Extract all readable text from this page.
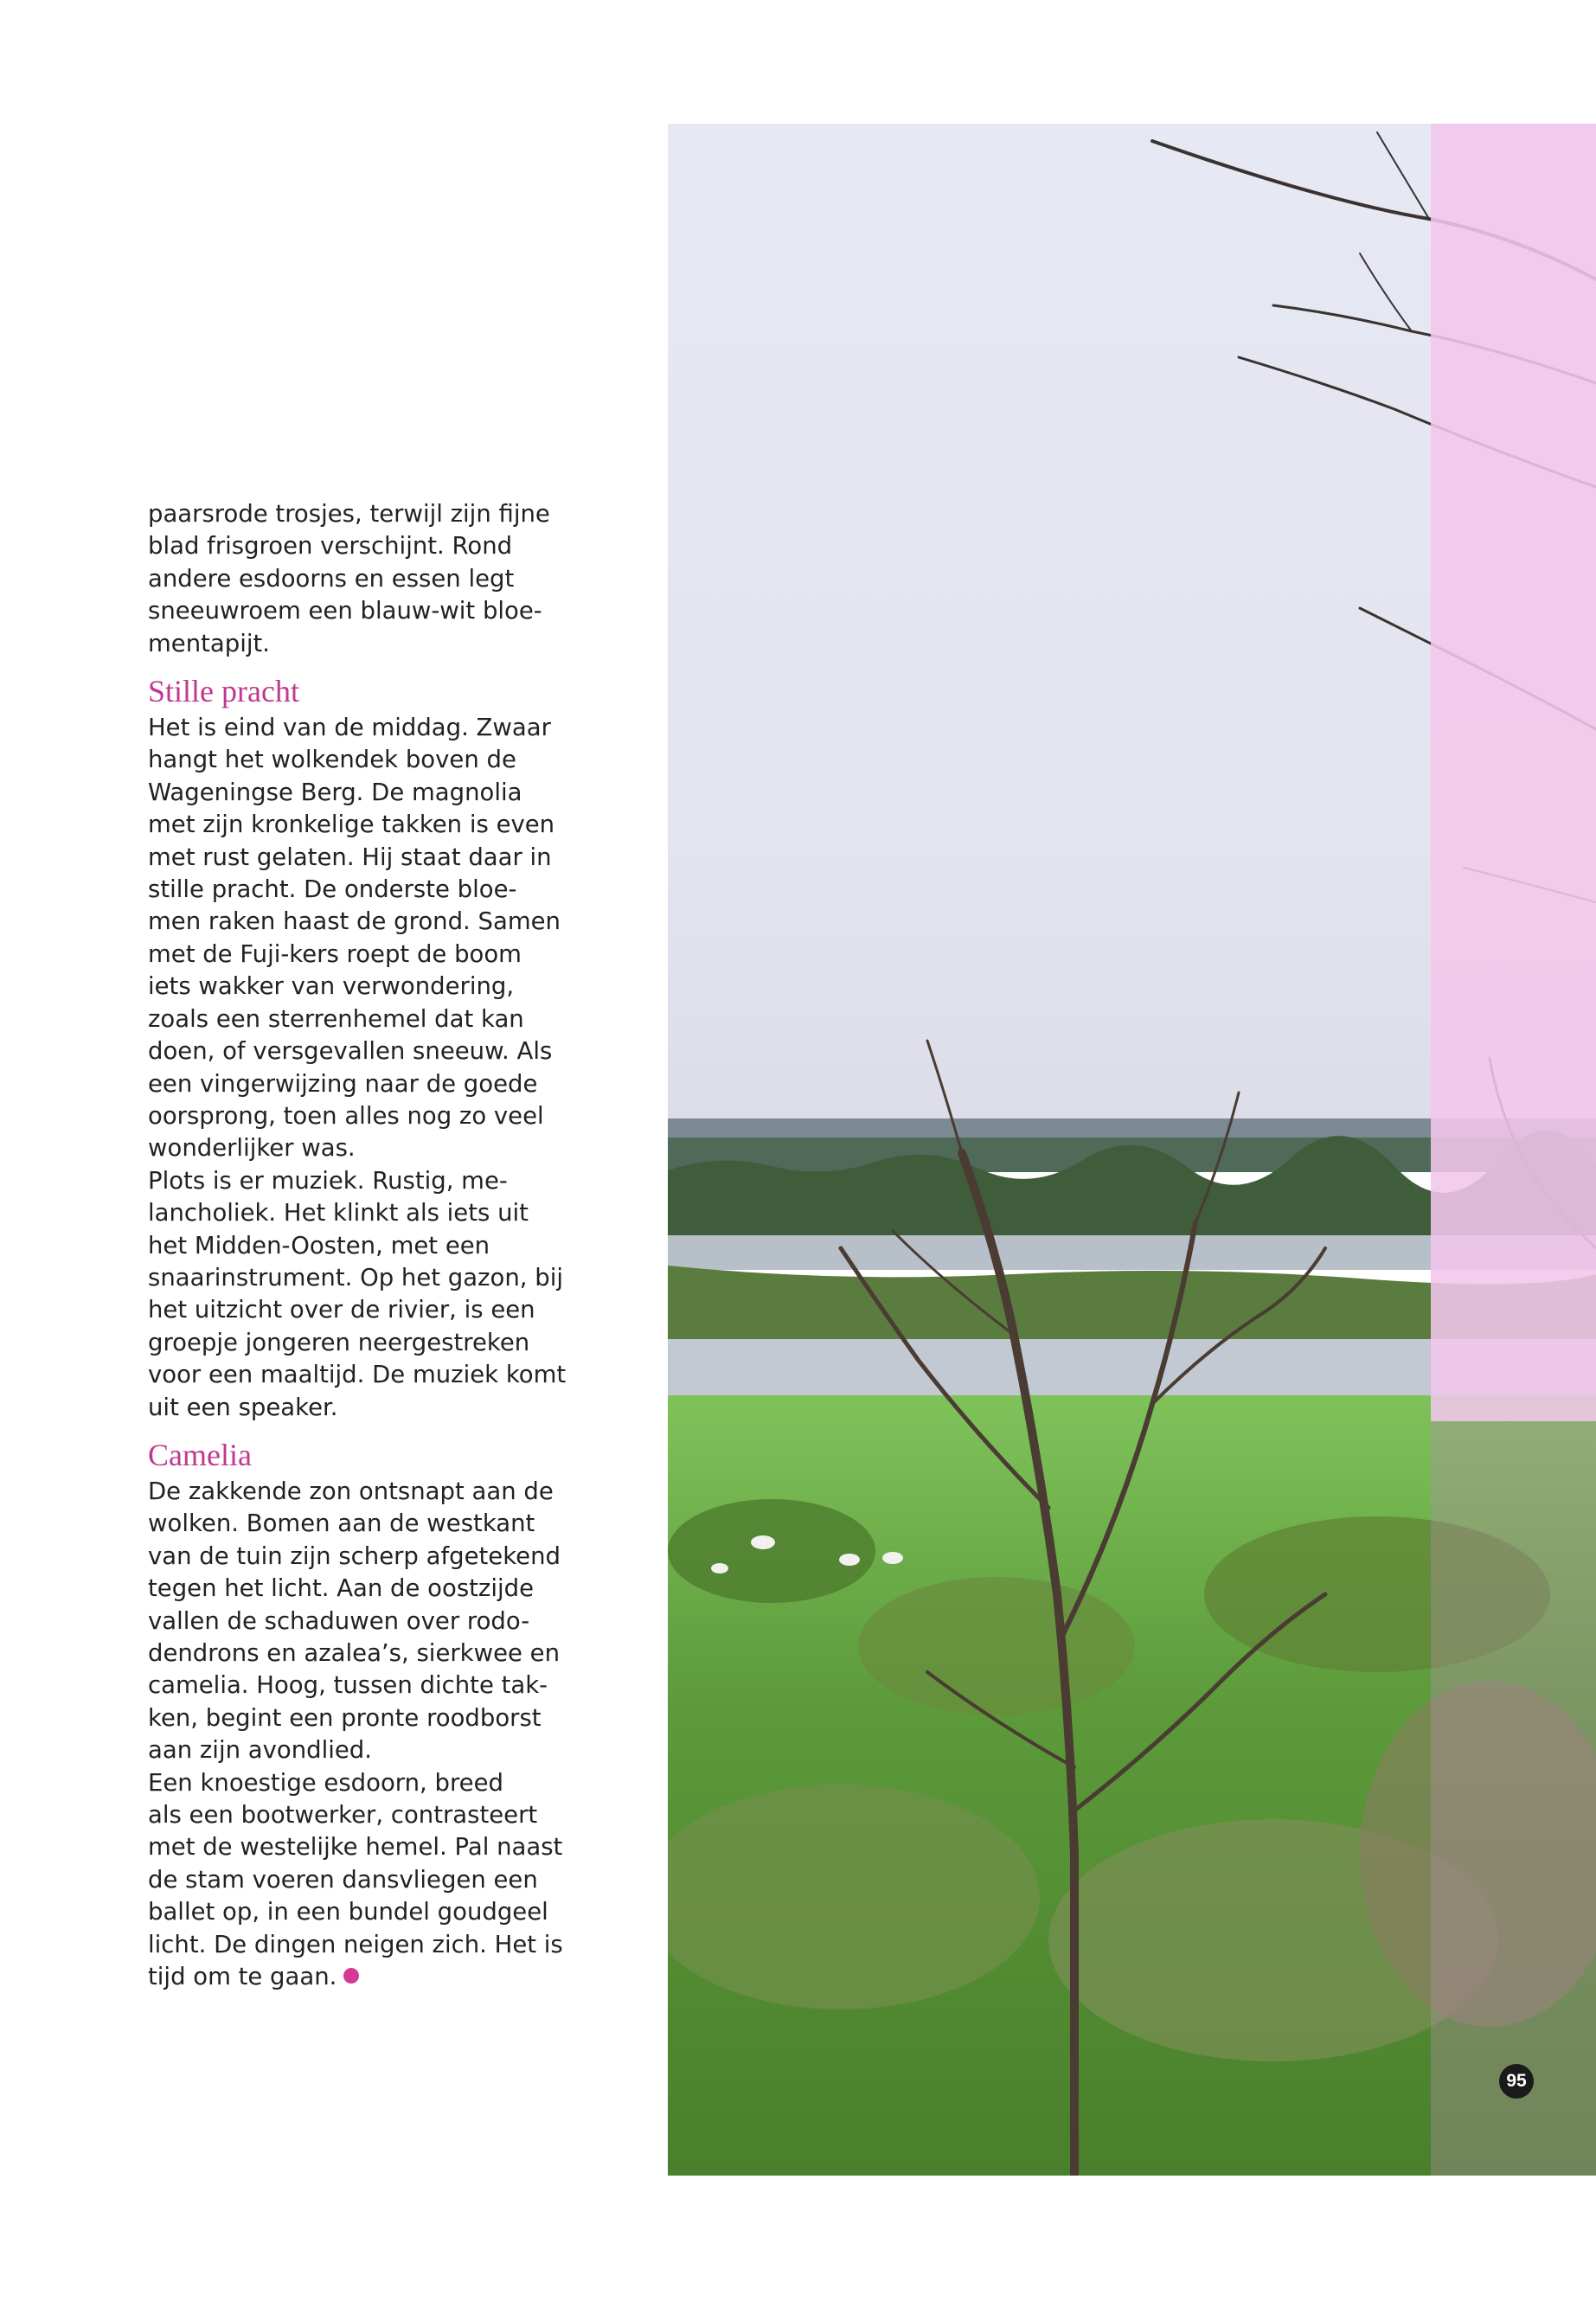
paarsrode trosjes, terwijl zijn fijne

blad frisgroen verschijnt. Rond

andere esdoorns en essen legt

sneeuwroem een blauw-wit bloe-

mentapijt.

Stille pracht

Het is eind van de middag. Zwaar

hangt het wolkendek boven de

Wageningse Berg. De magnolia

met zijn kronkelige takken is even

met rust gelaten. Hij staat daar in

stille pracht. De onderste bloe-

men raken haast de grond. Samen

met de Fuji-kers roept de boom

iets wakker van verwondering,

zoals een sterrenhemel dat kan

doen, of versgevallen sneeuw. Als

een vingerwijzing naar de goede

oorsprong, toen alles nog zo veel

wonderlijker was.

Plots is er muziek. Rustig, me-

lancholiek. Het klinkt als iets uit

het Midden-Oosten, met een

snaarinstrument. Op het gazon, bij

het uitzicht over de rivier, is een

groepje jongeren neergestreken

voor een maaltijd. De muziek komt

uit een speaker.

Camelia

De zakkende zon ontsnapt aan de

wolken. Bomen aan de westkant

van de tuin zijn scherp afgetekend

tegen het licht. Aan de oostzijde

vallen de schaduwen over rodo-

dendrons en azalea’s, sierkwee en

camelia. Hoog, tussen dichte tak-

ken, begint een pronte roodborst

aan zijn avondlied.

Een knoestige esdoorn, breed

als een bootwerker, contrasteert

met de westelijke hemel. Pal naast

de stam voeren dansvliegen een

ballet op, in een bundel goudgeel

licht. De dingen neigen zich. Het is

tijd om te gaan.

95
